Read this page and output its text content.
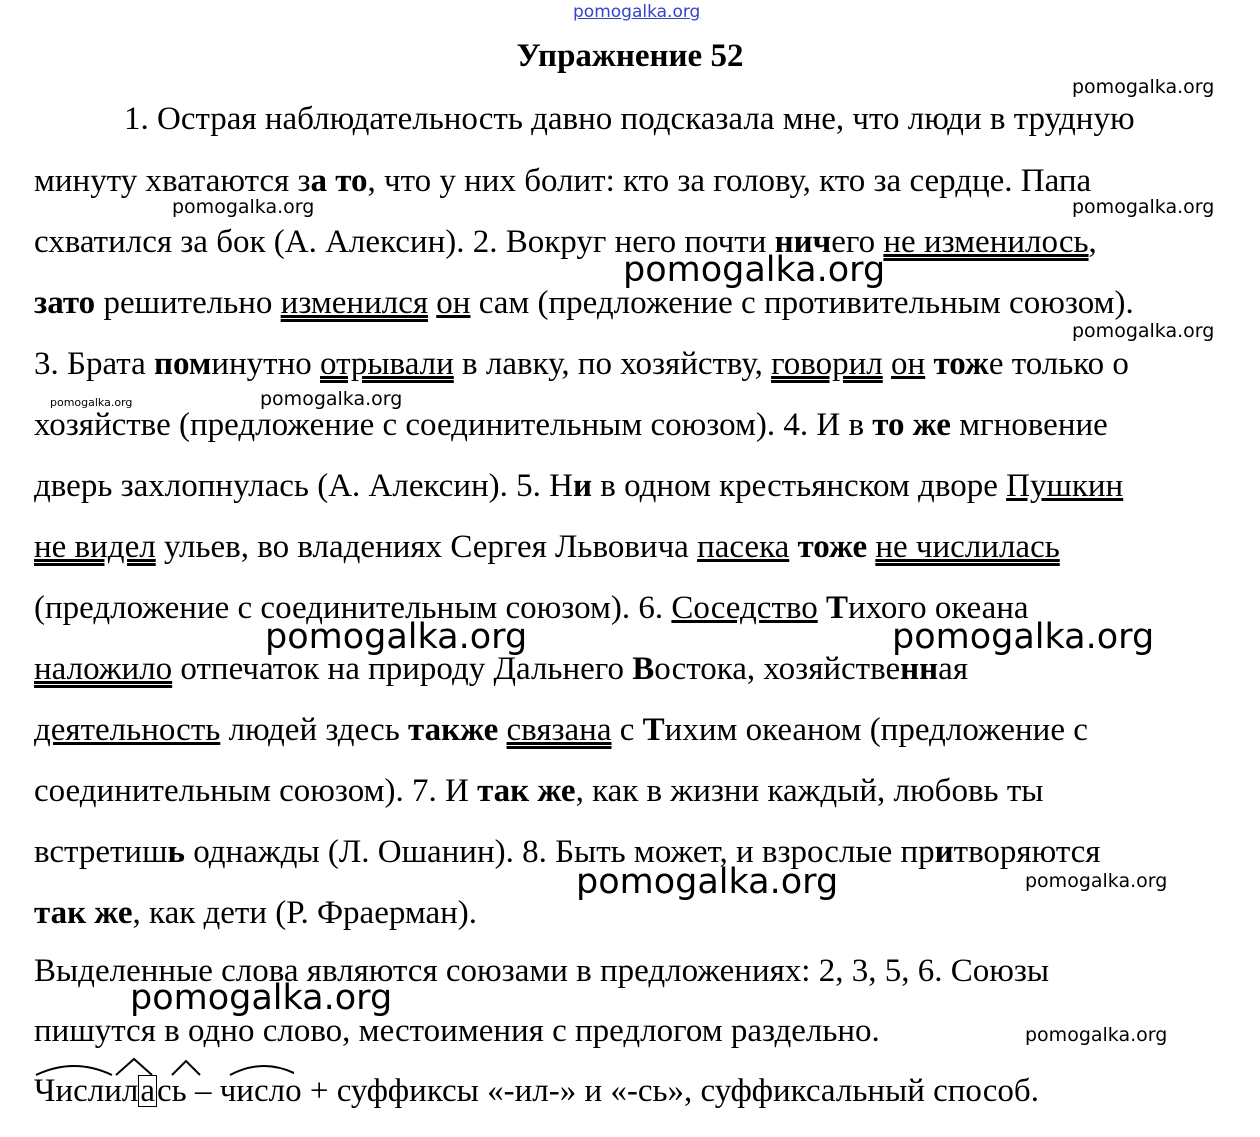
pomogalka.org
Упражнение 52
pomogalka.org
pomogalka.org	pomogalka.org
pomogalka.org
pomogalka.org	pomogalka.org
pomogalka.org
pomogalka.org
pomogalka.org
pomogalka.org	pomogalka.org
pomogalka.org
pomogalka.org
1. Острая наблюдательность давно подсказала мне, что люди в трудную
минуту хватаются за то, что у них болит: кто за голову, кто за сердце. Папа
схватился за бок (А. Алексин). 2. Вокруг него почти ничего не изменилось,
зато решительно изменился он сам (предложение с противительным союзом).
3. Брата поминутно отрывали в лавку, по хозяйству, говорил он тоже только о
хозяйстве (предложение с соединительным союзом). 4. И в то же мгновение
дверь захлопнулась (А. Алексин). 5. Ни в одном крестьянском дворе Пушкин
не видел ульев, во владениях Сергея Львовича пасека тоже не числилась
(предложение с соединительным союзом). 6. Соседство Тихого океана
наложило отпечаток на природу Дальнего Востока, хозяйственная
деятельность людей здесь также связана с Тихим океаном (предложение с
соединительным союзом). 7. И так же, как в жизни каждый, любовь ты
встретишь однажды (Л. Ошанин). 8. Быть может, и взрослые притворяются
так же, как дети (Р. Фраерман).
Выделенные слова являются союзами в предложениях: 2, 3, 5, 6. Союзы
пишутся в одно слово, местоимения с предлогом раздельно.
Числилась – число + суффиксы «-ил-» и «-сь», суффиксальный способ.
